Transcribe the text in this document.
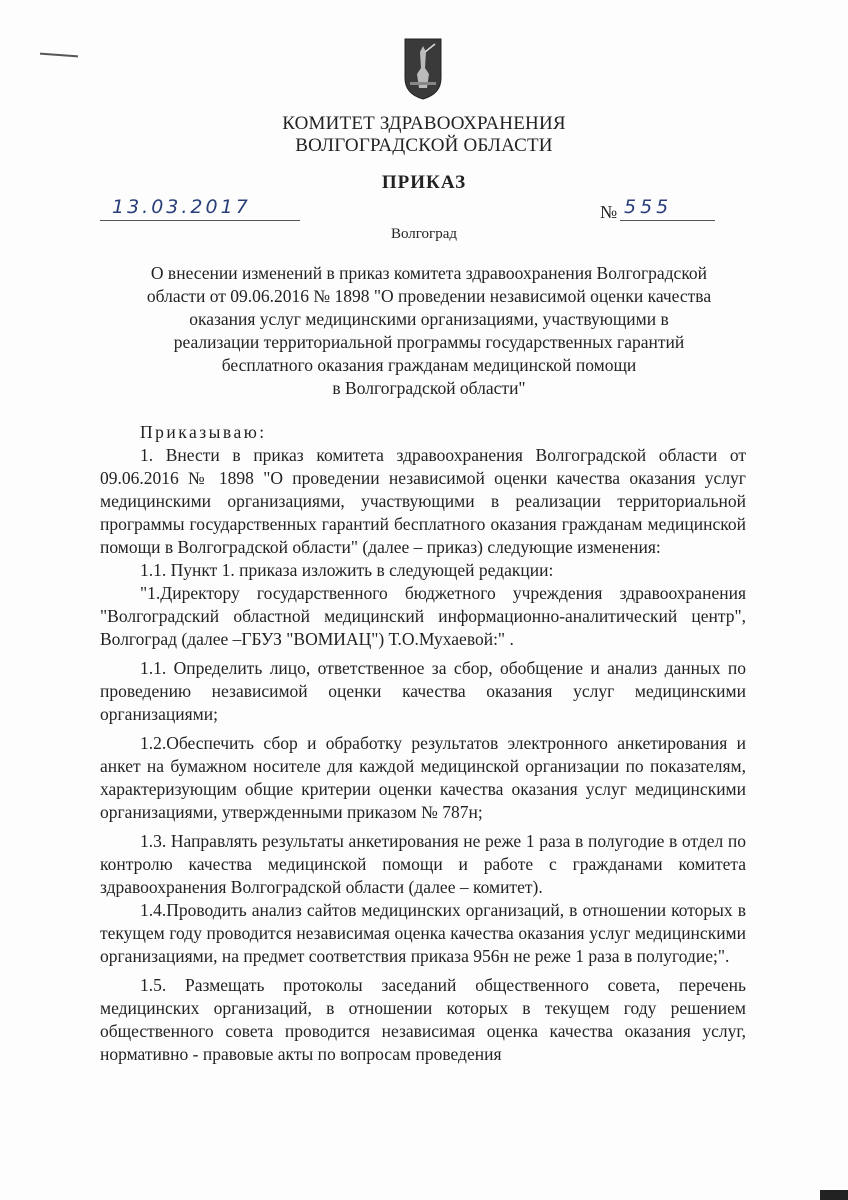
КОМИТЕТ ЗДРАВООХРАНЕНИЯ
ВОЛГОГРАДСКОЙ ОБЛАСТИ
ПРИКАЗ
13.03.2017	№ 555
Волгоград
О внесении изменений в приказ комитета здравоохранения Волгоградской
области от 09.06.2016 № 1898 "О проведении независимой оценки качества
оказания услуг медицинскими организациями, участвующими в
реализации территориальной программы государственных гарантий
бесплатного оказания гражданам медицинской помощи
в Волгоградской области"

Приказываю:

1. Внести в приказ комитета здравоохранения Волгоградской области от 09.06.2016 № 1898 "О проведении независимой оценки качества оказания услуг медицинскими организациями, участвующими в реализации территориальной программы государственных гарантий бесплатного оказания гражданам медицинской помощи в Волгоградской области" (далее – приказ) следующие изменения:

1.1. Пункт 1. приказа изложить в следующей редакции:

"1.Директору государственного бюджетного учреждения здравоохранения "Волгоградский областной медицинский информационно-аналитический центр", Волгоград (далее –ГБУЗ "ВОМИАЦ") Т.О.Мухаевой:" .

1.1. Определить лицо, ответственное за сбор, обобщение и анализ данных по проведению независимой оценки качества оказания услуг медицинскими организациями;

1.2.Обеспечить сбор и обработку результатов электронного анкетирования и анкет на бумажном носителе для каждой медицинской организации по показателям, характеризующим общие критерии оценки качества оказания услуг медицинскими организациями, утвержденными приказом № 787н;

1.3. Направлять результаты анкетирования не реже 1 раза в полугодие в отдел по контролю качества медицинской помощи и работе с гражданами комитета здравоохранения Волгоградской области (далее – комитет).

1.4.Проводить анализ сайтов медицинских организаций, в отношении которых в текущем году проводится независимая оценка качества оказания услуг медицинскими организациями, на предмет соответствия приказа 956н не реже 1 раза в полугодие;".

1.5. Размещать протоколы заседаний общественного совета, перечень медицинских организаций, в отношении которых в текущем году решением общественного совета проводится независимая оценка качества оказания услуг, нормативно - правовые акты по вопросам проведения
